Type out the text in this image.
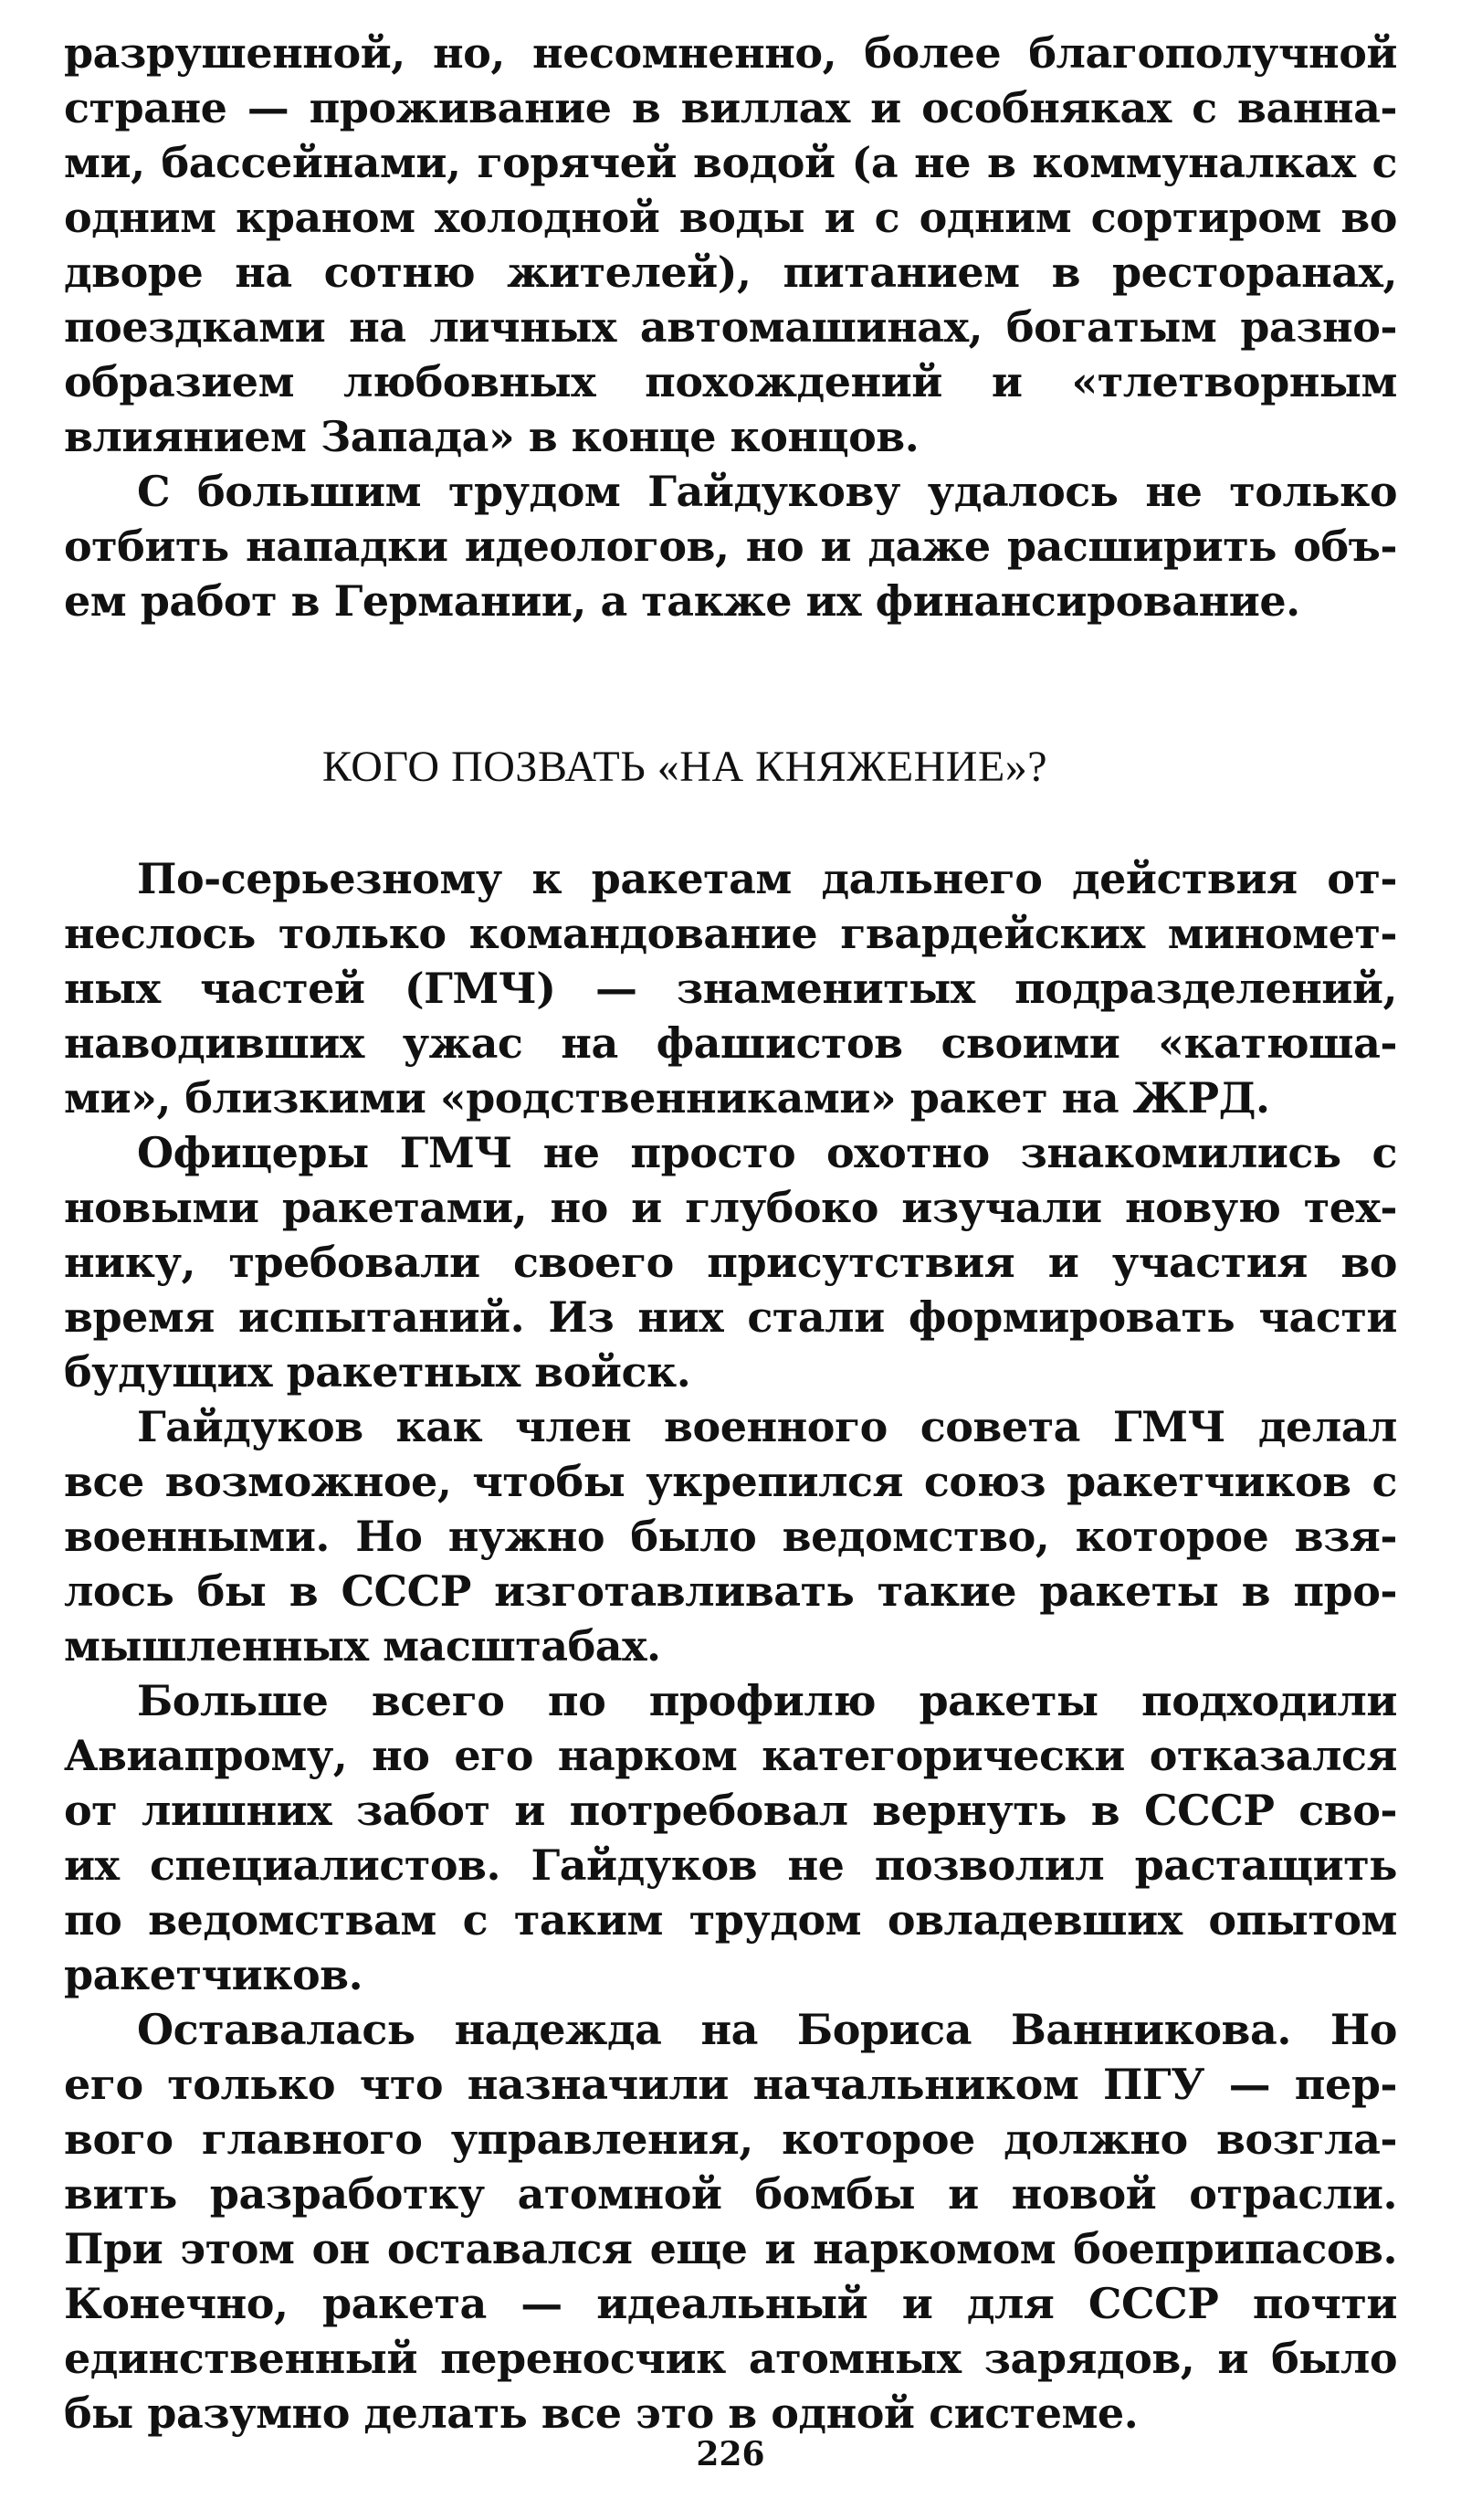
разрушенной, но, несомненно, более благополучной
стране — проживание в виллах и особняках с ванна-
ми, бассейнами, горячей водой (а не в коммуналках с
одним краном холодной воды и с одним сортиром во
дворе на сотню жителей), питанием в ресторанах,
поездками на личных автомашинах, богатым разно-
образием любовных похождений и «тлетворным
влиянием Запада» в конце концов.
С большим трудом Гайдукову удалось не только
отбить нападки идеологов, но и даже расширить объ-
ем работ в Германии, а также их финансирование.
КОГО ПОЗВАТЬ «НА КНЯЖЕНИЕ»?
По-серьезному к ракетам дальнего действия от-
неслось только командование гвардейских миномет-
ных частей (ГМЧ) — знаменитых подразделений,
наводивших ужас на фашистов своими «катюша-
ми», близкими «родственниками» ракет на ЖРД.
Офицеры ГМЧ не просто охотно знакомились с
новыми ракетами, но и глубоко изучали новую тех-
нику, требовали своего присутствия и участия во
время испытаний. Из них стали формировать части
будущих ракетных войск.
Гайдуков как член военного совета ГМЧ делал
все возможное, чтобы укрепился союз ракетчиков с
военными. Но нужно было ведомство, которое взя-
лось бы в СССР изготавливать такие ракеты в про-
мышленных масштабах.
Больше всего по профилю ракеты подходили
Авиапрому, но его нарком категорически отказался
от лишних забот и потребовал вернуть в СССР сво-
их специалистов. Гайдуков не позволил растащить
по ведомствам с таким трудом овладевших опытом
ракетчиков.
Оставалась надежда на Бориса Ванникова. Но
его только что назначили начальником ПГУ — пер-
вого главного управления, которое должно возгла-
вить разработку атомной бомбы и новой отрасли.
При этом он оставался еще и наркомом боеприпасов.
Конечно, ракета — идеальный и для СССР почти
единственный переносчик атомных зарядов, и было
бы разумно делать все это в одной системе.
226
